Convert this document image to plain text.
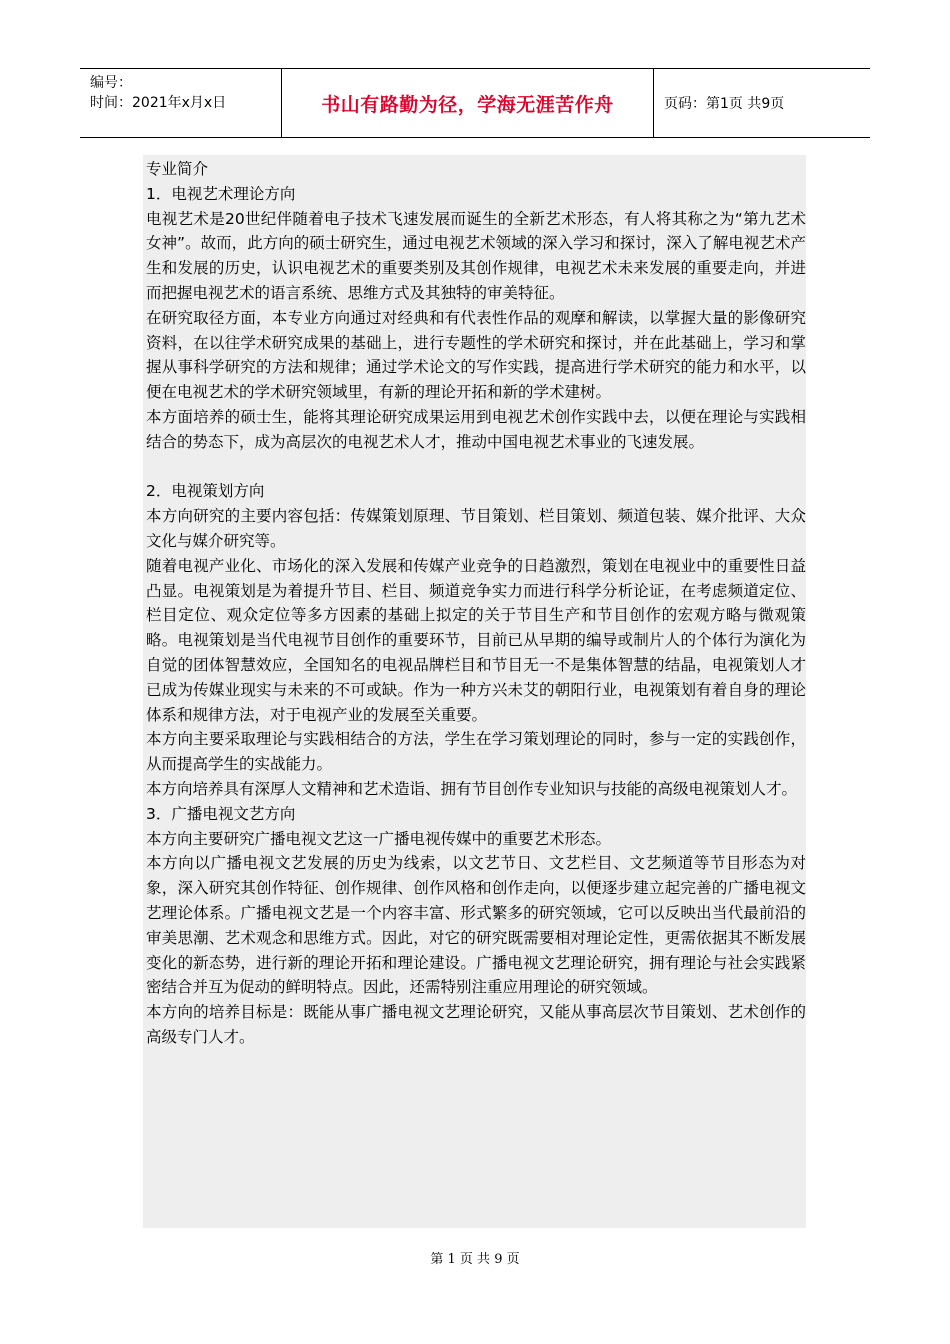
编号：
时间：2021年x月x日	书山有路勤为径，学海无涯苦作舟	页码：第1页 共9页

专业简介

1．电视艺术理论方向

电视艺术是20世纪伴随着电子技术飞速发展而诞生的全新艺术形态，有人将其称之为“第九艺术女神”。故而，此方向的硕士研究生，通过电视艺术领域的深入学习和探讨，深入了解电视艺术产生和发展的历史，认识电视艺术的重要类别及其创作规律，电视艺术未来发展的重要走向，并进而把握电视艺术的语言系统、思维方式及其独特的审美特征。

在研究取径方面，本专业方向通过对经典和有代表性作品的观摩和解读，以掌握大量的影像研究资料，在以往学术研究成果的基础上，进行专题性的学术研究和探讨，并在此基础上，学习和掌握从事科学研究的方法和规律；通过学术论文的写作实践，提高进行学术研究的能力和水平，以便在电视艺术的学术研究领域里，有新的理论开拓和新的学术建树。

本方面培养的硕士生，能将其理论研究成果运用到电视艺术创作实践中去，以便在理论与实践相结合的势态下，成为高层次的电视艺术人才，推动中国电视艺术事业的飞速发展。

2．电视策划方向

本方向研究的主要内容包括：传媒策划原理、节目策划、栏目策划、频道包装、媒介批评、大众文化与媒介研究等。

随着电视产业化、市场化的深入发展和传媒产业竞争的日趋激烈，策划在电视业中的重要性日益凸显。电视策划是为着提升节目、栏目、频道竞争实力而进行科学分析论证，在考虑频道定位、栏目定位、观众定位等多方因素的基础上拟定的关于节目生产和节目创作的宏观方略与微观策略。电视策划是当代电视节目创作的重要环节，目前已从早期的编导或制片人的个体行为演化为自觉的团体智慧效应，全国知名的电视品牌栏目和节目无一不是集体智慧的结晶，电视策划人才已成为传媒业现实与未来的不可或缺。作为一种方兴未艾的朝阳行业，电视策划有着自身的理论体系和规律方法，对于电视产业的发展至关重要。

本方向主要采取理论与实践相结合的方法，学生在学习策划理论的同时，参与一定的实践创作，从而提高学生的实战能力。

本方向培养具有深厚人文精神和艺术造诣、拥有节目创作专业知识与技能的高级电视策划人才。

3．广播电视文艺方向

本方向主要研究广播电视文艺这一广播电视传媒中的重要艺术形态。

本方向以广播电视文艺发展的历史为线索，以文艺节日、文艺栏目、文艺频道等节目形态为对象，深入研究其创作特征、创作规律、创作风格和创作走向，以便逐步建立起完善的广播电视文艺理论体系。广播电视文艺是一个内容丰富、形式繁多的研究领域，它可以反映出当代最前沿的审美思潮、艺术观念和思维方式。因此，对它的研究既需要相对理论定性，更需依据其不断发展变化的新态势，进行新的理论开拓和理论建设。广播电视文艺理论研究，拥有理论与社会实践紧密结合并互为促动的鲜明特点。因此，还需特别注重应用理论的研究领域。

本方向的培养目标是：既能从事广播电视文艺理论研究，又能从事高层次节目策划、艺术创作的高级专门人才。

第 1 页 共 9 页
